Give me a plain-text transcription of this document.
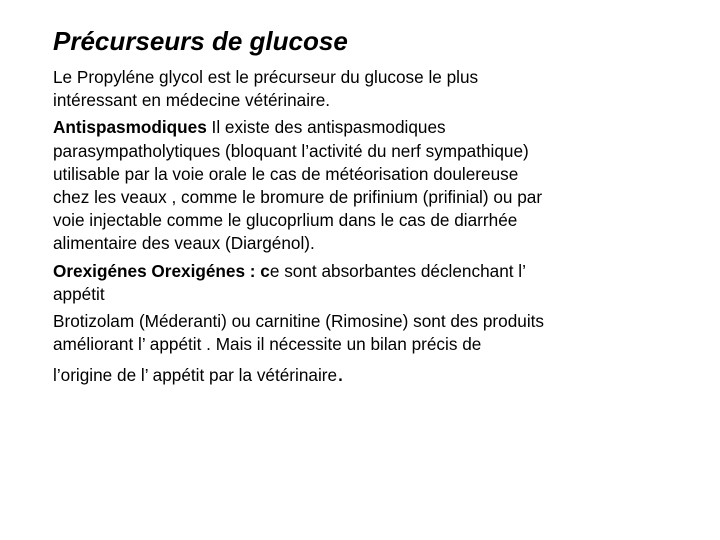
Précurseurs de glucose
Le Propyléne glycol est le précurseur du glucose le plus
intéressant en médecine vétérinaire.
Antispasmodiques Il existe des antispasmodiques
parasympatholytiques (bloquant l’activité du nerf sympathique)
utilisable par la voie orale le cas de météorisation doulereuse
chez les veaux , comme le bromure de prifinium (prifinial) ou par
voie injectable comme le glucoprlium dans le cas de diarrhée
alimentaire des veaux (Diargénol).
Orexigénes Orexigénes : ce sont absorbantes déclenchant l’
appétit
Brotizolam (Méderanti) ou carnitine (Rimosine) sont des produits
améliorant l’ appétit . Mais il nécessite un bilan précis de
l’origine de l’ appétit par la vétérinaire.
